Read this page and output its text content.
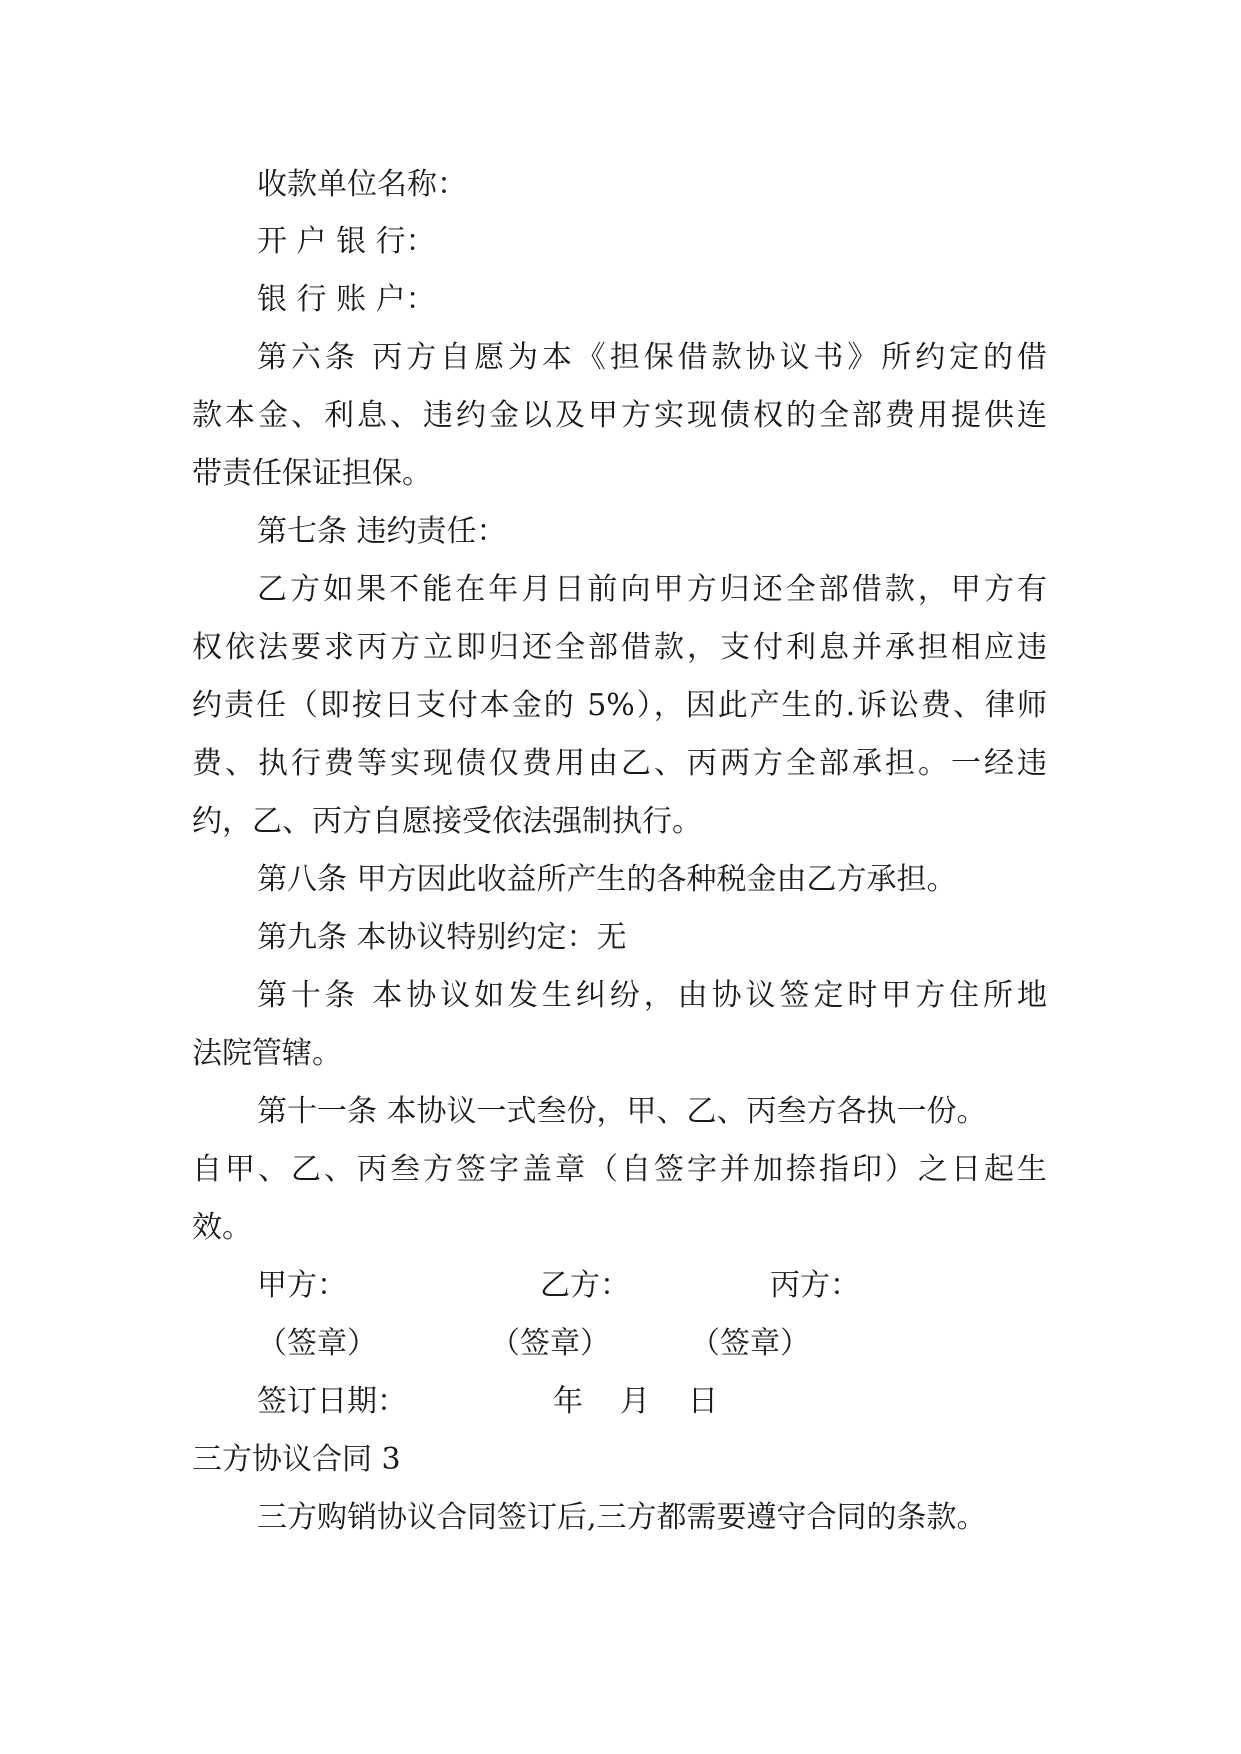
收款单位名称：
开 户 银 行：
银 行 账 户：
第六条 丙方自愿为本《担保借款协议书》所约定的借
款本金、利息、违约金以及甲方实现债权的全部费用提供连
带责任保证担保。
第七条 违约责任：
乙方如果不能在年月日前向甲方归还全部借款，甲方有
权依法要求丙方立即归还全部借款，支付利息并承担相应违
约责任（即按日支付本金的 5%），因此产生的.诉讼费、律师
费、执行费等实现债仅费用由乙、丙两方全部承担。一经违
约，乙、丙方自愿接受依法强制执行。
第八条 甲方因此收益所产生的各种税金由乙方承担。
第九条 本协议特别约定：无
第十条 本协议如发生纠纷，由协议签定时甲方住所地
法院管辖。
第十一条 本协议一式叁份，甲、乙、丙叁方各执一份。
自甲、乙、丙叁方签字盖章（自签字并加捺指印）之日起生
效。
甲方：	乙方：	丙方：
（签章）	（签章）	（签章）
签订日期：	年 月 日
三方协议合同 3
三方购销协议合同签订后,三方都需要遵守合同的条款。
